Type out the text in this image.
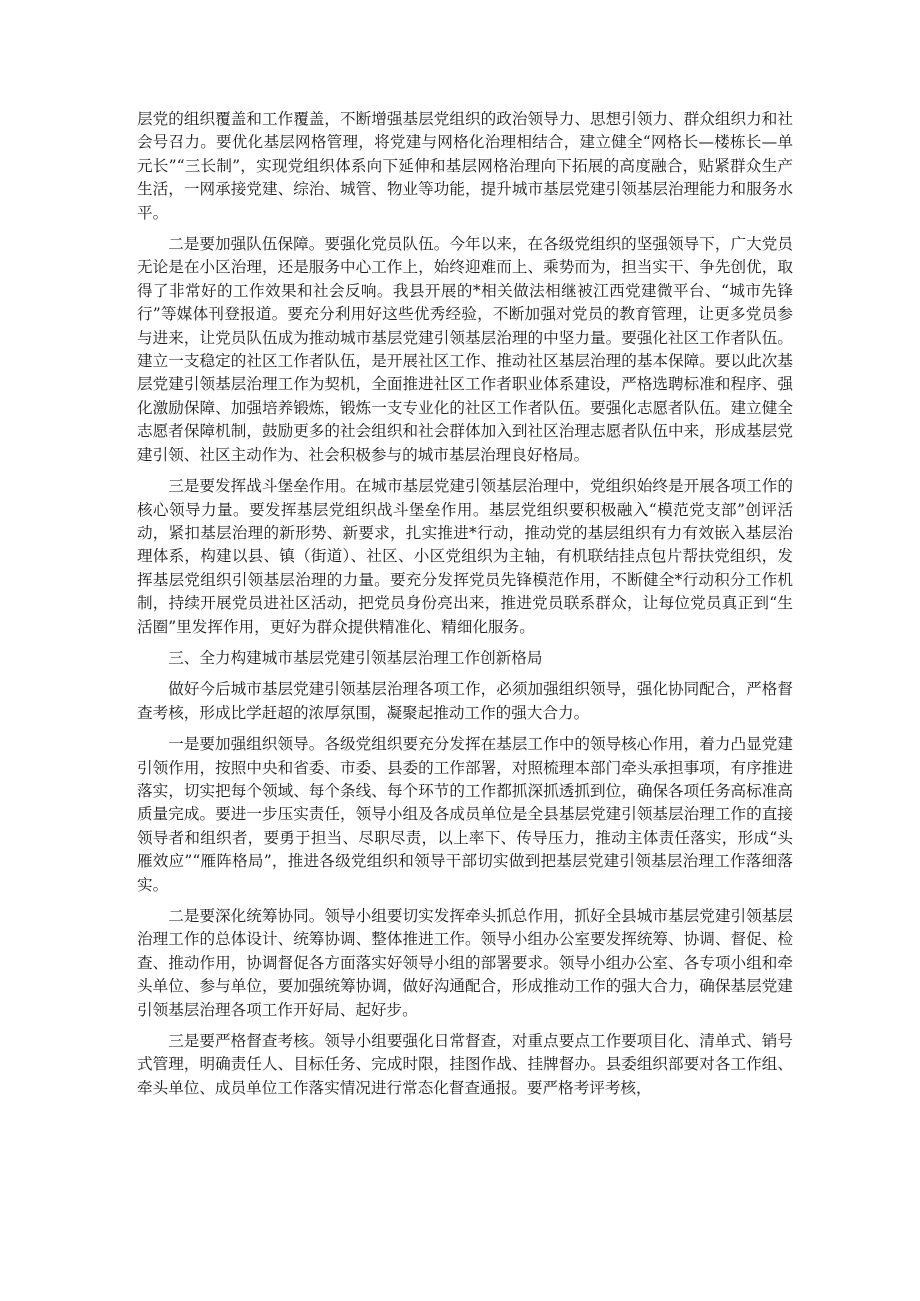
层党的组织覆盖和工作覆盖，不断增强基层党组织的政治领导力、思想引领力、群众组织力和社会号召力。要优化基层网格管理，将党建与网格化治理相结合，建立健全“网格长—楼栋长—单元长”“三长制”，实现党组织体系向下延伸和基层网格治理向下拓展的高度融合，贴紧群众生产生活，一网承接党建、综治、城管、物业等功能，提升城市基层党建引领基层治理能力和服务水平。

二是要加强队伍保障。要强化党员队伍。今年以来，在各级党组织的坚强领导下，广大党员无论是在小区治理，还是服务中心工作上，始终迎难而上、乘势而为，担当实干、争先创优，取得了非常好的工作效果和社会反响。我县开展的*相关做法相继被江西党建微平台、“城市先锋行”等媒体刊登报道。要充分利用好这些优秀经验，不断加强对党员的教育管理，让更多党员参与进来，让党员队伍成为推动城市基层党建引领基层治理的中坚力量。要强化社区工作者队伍。建立一支稳定的社区工作者队伍，是开展社区工作、推动社区基层治理的基本保障。要以此次基层党建引领基层治理工作为契机，全面推进社区工作者职业体系建设，严格选聘标准和程序、强化激励保障、加强培养锻炼，锻炼一支专业化的社区工作者队伍。要强化志愿者队伍。建立健全志愿者保障机制，鼓励更多的社会组织和社会群体加入到社区治理志愿者队伍中来，形成基层党建引领、社区主动作为、社会积极参与的城市基层治理良好格局。

三是要发挥战斗堡垒作用。在城市基层党建引领基层治理中，党组织始终是开展各项工作的核心领导力量。要发挥基层党组织战斗堡垒作用。基层党组织要积极融入“模范党支部”创评活动，紧扣基层治理的新形势、新要求，扎实推进*行动，推动党的基层组织有力有效嵌入基层治理体系，构建以县、镇（街道）、社区、小区党组织为主轴，有机联结挂点包片帮扶党组织，发挥基层党组织引领基层治理的力量。要充分发挥党员先锋模范作用，不断健全*行动积分工作机制，持续开展党员进社区活动，把党员身份亮出来，推进党员联系群众，让每位党员真正到“生活圈”里发挥作用，更好为群众提供精准化、精细化服务。

三、全力构建城市基层党建引领基层治理工作创新格局

做好今后城市基层党建引领基层治理各项工作，必须加强组织领导，强化协同配合，严格督查考核，形成比学赶超的浓厚氛围，凝聚起推动工作的强大合力。

一是要加强组织领导。各级党组织要充分发挥在基层工作中的领导核心作用，着力凸显党建引领作用，按照中央和省委、市委、县委的工作部署，对照梳理本部门牵头承担事项，有序推进落实，切实把每个领域、每个条线、每个环节的工作都抓深抓透抓到位，确保各项任务高标准高质量完成。要进一步压实责任，领导小组及各成员单位是全县基层党建引领基层治理工作的直接领导者和组织者，要勇于担当、尽职尽责，以上率下、传导压力，推动主体责任落实，形成“头雁效应”“雁阵格局”，推进各级党组织和领导干部切实做到把基层党建引领基层治理工作落细落实。

二是要深化统筹协同。领导小组要切实发挥牵头抓总作用，抓好全县城市基层党建引领基层治理工作的总体设计、统筹协调、整体推进工作。领导小组办公室要发挥统筹、协调、督促、检查、推动作用，协调督促各方面落实好领导小组的部署要求。领导小组办公室、各专项小组和牵头单位、参与单位，要加强统筹协调，做好沟通配合，形成推动工作的强大合力，确保基层党建引领基层治理各项工作开好局、起好步。

三是要严格督查考核。领导小组要强化日常督查，对重点要点工作要项目化、清单式、销号式管理，明确责任人、目标任务、完成时限，挂图作战、挂牌督办。县委组织部要对各工作组、牵头单位、成员单位工作落实情况进行常态化督查通报。要严格考评考核，
